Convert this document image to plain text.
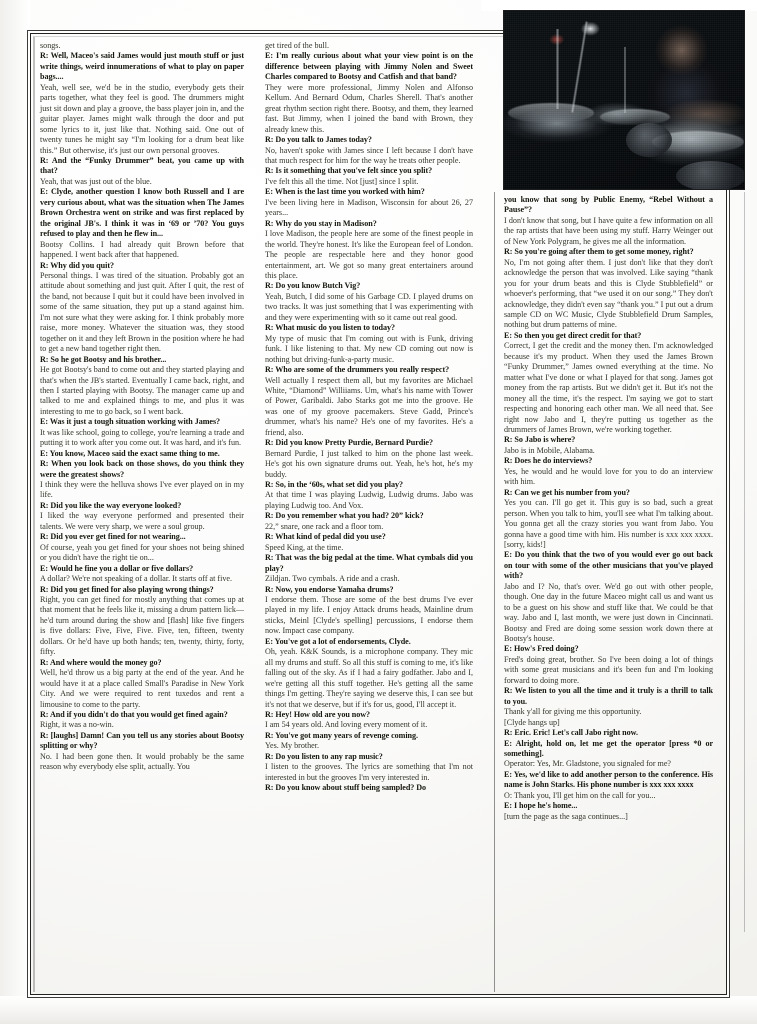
songs.

R: Well, Maceo's said James would just mouth stuff or just write things, weird innumerations of what to play on paper bags....

Yeah, well see, we'd be in the studio, everybody gets their parts together, what they feel is good. The drummers might just sit down and play a groove, the bass player join in, and the guitar player. James might walk through the door and put some lyrics to it, just like that. Nothing said. One out of twenty tunes he might say “I'm looking for a drum beat like this.” But otherwise, it's just our own personal grooves.

R: And the “Funky Drummer” beat, you came up with that?

Yeah, that was just out of the blue.

E: Clyde, another question I know both Russell and I are very curious about, what was the situation when The James Brown Orchestra went on strike and was first replaced by the original JB's. I think it was in ‘69 or ’70? You guys refused to play and then he flew in...

Bootsy Collins. I had already quit Brown before that happened. I went back after that happened.

R: Why did you quit?

Personal things. I was tired of the situation. Probably got an attitude about something and just quit. After I quit, the rest of the band, not because I quit but it could have been involved in some of the same situation, they put up a stand against him. I'm not sure what they were asking for. I think probably more raise, more money. Whatever the situation was, they stood together on it and they left Brown in the position where he had to get a new band together right then.

R: So he got Bootsy and his brother...

He got Bootsy's band to come out and they started playing and that's when the JB's started. Eventually I came back, right, and then I started playing with Bootsy. The manager came up and talked to me and explained things to me, and plus it was interesting to me to go back, so I went back.

E: Was it just a tough situation working with James?

It was like school, going to college, you're learning a trade and putting it to work after you come out. It was hard, and it's fun.

E: You know, Maceo said the exact same thing to me.

R: When you look back on those shows, do you think they were the greatest shows?

I think they were the helluva shows I've ever played on in my life.

R: Did you like the way everyone looked?

I liked the way everyone performed and presented their talents. We were very sharp, we were a soul group.

R: Did you ever get fined for not wearing...

Of course, yeah you get fined for your shoes not being shined or you didn't have the right tie on...

E: Would he fine you a dollar or five dollars?

A dollar? We're not speaking of a dollar. It starts off at five.

R: Did you get fined for also playing wrong things?

Right, you can get fined for mostly anything that comes up at that moment that he feels like it, missing a drum pattern lick—he'd turn around during the show and [flash] like five fingers is five dollars: Five, Five, Five. Five, ten, fifteen, twenty dollars. Or he'd have up both hands; ten, twenty, thirty, forty, fifty.

R: And where would the money go?

Well, he'd throw us a big party at the end of the year. And he would have it at a place called Small's Paradise in New York City. And we were required to rent tuxedos and rent a limousine to come to the party.

R: And if you didn't do that you would get fined again?

Right, it was a no-win.

R: [laughs] Damn! Can you tell us any stories about Bootsy splitting or why?

No. I had been gone then. It would probably be the same reason why everybody else split, actually. You

get tired of the bull.

E: I'm really curious about what your view point is on the difference between playing with Jimmy Nolen and Sweet Charles compared to Bootsy and Catfish and that band?

They were more professional, Jimmy Nolen and Alfonso Kellum. And Bernard Odum, Charles Sherell. That's another great rhythm section right there. Bootsy, and them, they learned fast. But Jimmy, when I joined the band with Brown, they already knew this.

R: Do you talk to James today?

No, haven't spoke with James since I left because I don't have that much respect for him for the way he treats other people.

R: Is it something that you've felt since you split?

I've felt this all the time. Not [just] since I split.

E: When is the last time you worked with him?

I've been living here in Madison, Wisconsin for about 26, 27 years...

R: Why do you stay in Madison?

I love Madison, the people here are some of the finest people in the world. They're honest. It's like the European feel of London. The people are respectable here and they honor good entertainment, art. We got so many great entertainers around this place.

R: Do you know Butch Vig?

Yeah, Butch, I did some of his Garbage CD. I played drums on two tracks. It was just something that I was experimenting with and they were experimenting with so it came out real good.

R: What music do you listen to today?

My type of music that I'm coming out with is Funk, driving funk. I like listening to that. My new CD coming out now is nothing but driving-funk-a-party music.

R: Who are some of the drummers you really respect?

Well actually I respect them all, but my favorites are Michael White, “Diamond” Williiams. Um, what's his name with Tower of Power, Garibaldi. Jabo Starks got me into the groove. He was one of my groove pacemakers. Steve Gadd, Prince's drummer, what's his name? He's one of my favorites. He's a friend, also.

R: Did you know Pretty Purdie, Bernard Purdie?

Bernard Purdie, I just talked to him on the phone last week. He's got his own signature drums out. Yeah, he's hot, he's my buddy.

R: So, in the ‘60s, what set did you play?

At that time I was playing Ludwig, Ludwig drums. Jabo was playing Ludwig too. And Vox.

R: Do you remember what you had? 20” kick?

22,” snare, one rack and a floor tom.

R: What kind of pedal did you use?

Speed King, at the time.

R: That was the big pedal at the time. What cymbals did you play?

Zildjan. Two cymbals. A ride and a crash.

R: Now, you endorse Yamaha drums?

I endorse them. Those are some of the best drums I've ever played in my life. I enjoy Attack drums heads, Mainline drum sticks, Meinl [Clyde's spelling] percussions, I endorse them now. Impact case company.

E: You've got a lot of endorsements, Clyde.

Oh, yeah. K&K Sounds, is a microphone company. They mic all my drums and stuff. So all this stuff is coming to me, it's like falling out of the sky. As if I had a fairy godfather. Jabo and I, we're getting all this stuff together. He's getting all the same things I'm getting. They're saying we deserve this, I can see but it's not that we deserve, but if it's for us, good, I'll accept it.

R: Hey! How old are you now?

I am 54 years old. And loving every moment of it.

R: You've got many years of revenge coming.

Yes. My brother.

R: Do you listen to any rap music?

I listen to the grooves. The lyrics are something that I'm not interested in but the grooves I'm very interested in.

R: Do you know about stuff being sampled? Do

you know that song by Public Enemy, “Rebel Without a Pause”?

I don't know that song, but I have quite a few information on all the rap artists that have been using my stuff. Harry Weinger out of New York Polygram, he gives me all the information.

R: So you're going after them to get some money, right?

No, I'm not going after them. I just don't like that they don't acknowledge the person that was involved. Like saying “thank you for your drum beats and this is Clyde Stubblefield” or whoever's performing, that “we used it on our song.” They don't acknowledge, they didn't even say “thank you.” I put out a drum sample CD on WC Music, Clyde Stubblefield Drum Samples, nothing but drum patterns of mine.

E: So then you get direct credit for that?

Correct, I get the credit and the money then. I'm acknowledged because it's my product. When they used the James Brown “Funky Drummer,” James owned everything at the time. No matter what I've done or what I played for that song. James got money from the rap artists. But we didn't get it. But it's not the money all the time, it's the respect. I'm saying we got to start respecting and honoring each other man. We all need that. See right now Jabo and I, they're putting us together as the drummers of James Brown, we're working together.

R: So Jabo is where?

Jabo is in Mobile, Alabama.

R: Does he do interviews?

Yes, he would and he would love for you to do an interview with him.

R: Can we get his number from you?

Yes you can. I'll go get it. This guy is so bad, such a great person. When you talk to him, you'll see what I'm talking about. You gonna get all the crazy stories you want from Jabo. You gonna have a good time with him. His number is xxx xxx xxxx. [sorry, kids!]

E: Do you think that the two of you would ever go out back on tour with some of the other musicians that you've played with?

Jabo and I? No, that's over. We'd go out with other people, though. One day in the future Maceo might call us and want us to be a guest on his show and stuff like that. We could be that way. Jabo and I, last month, we were just down in Cincinnati. Bootsy and Fred are doing some session work down there at Bootsy's house.

E: How's Fred doing?

Fred's doing great, brother. So I've been doing a lot of things with some great musicians and it's been fun and I'm looking forward to doing more.

R: We listen to you all the time and it truly is a thrill to talk to you.

Thank y'all for giving me this opportunity.

[Clyde hangs up]

R: Eric. Eric! Let's call Jabo right now.

E: Alright, hold on, let me get the operator [press *0 or something].

Operator: Yes, Mr. Gladstone, you signaled for me?

E: Yes, we'd like to add another person to the conference. His name is John Starks. His phone number is xxx xxx xxxx

O: Thank you, I'll get him on the call for you...

E: I hope he's home...

[turn the page as the saga continues...]
